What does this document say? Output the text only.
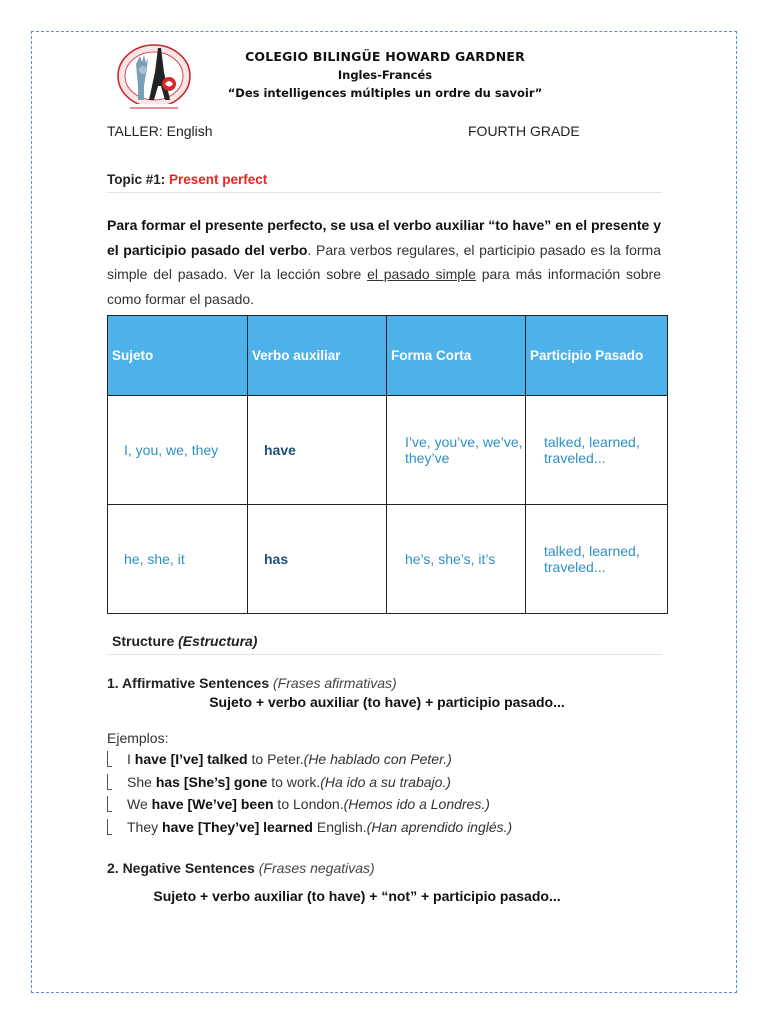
COLEGIO BILINGÜE HOWARD GARDNER
Ingles-Francés
“Des intelligences múltiples un ordre du savoir”
TALLER: English	FOURTH GRADE
Topic #1: Present perfect
Para formar el presente perfecto, se usa el verbo auxiliar “to have” en el presente y el participio pasado del verbo. Para verbos regulares, el participio pasado es la forma simple del pasado. Ver la lección sobre el pasado simple para más información sobre como formar el pasado.
Sujeto	Verbo auxiliar	Forma Corta	Participio Pasado
I, you, we, they	have	I’ve, you’ve, we’ve, they’ve	talked, learned, traveled...
he, she, it	has	he’s, she’s, it’s	talked, learned, traveled...
Structure (Estructura)
1. Affirmative Sentences (Frases afirmativas)
Sujeto + verbo auxiliar (to have) + participio pasado...
Ejemplos:
I have [I’ve] talked to Peter.(He hablado con Peter.)
She has [She’s] gone to work.(Ha ido a su trabajo.)
We have [We’ve] been to London.(Hemos ido a Londres.)
They have [They’ve] learned English.(Han aprendido inglés.)
2. Negative Sentences (Frases negativas)
Sujeto + verbo auxiliar (to have) + “not” + participio pasado...
